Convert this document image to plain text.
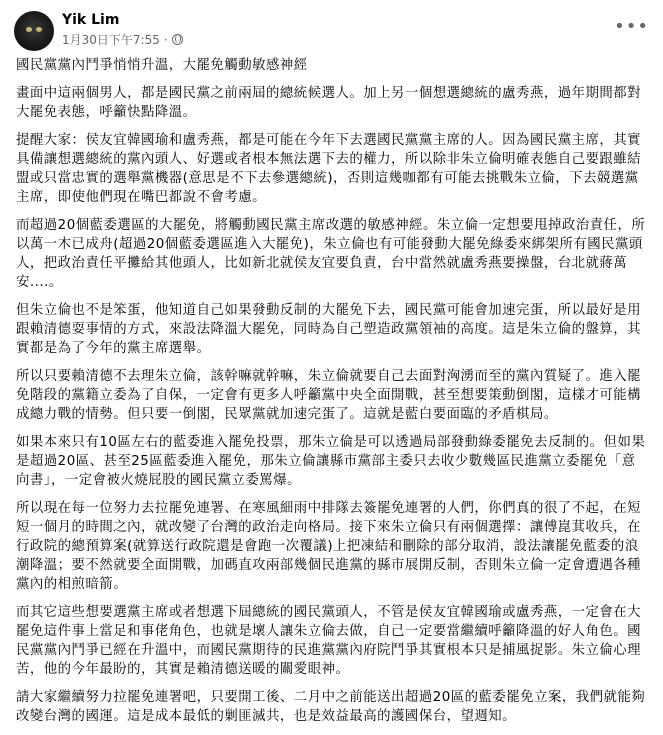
Yik Lim
1月30日下午7:55 ·
•••

國民黨黨內鬥爭悄悄升溫，大罷免觸動敏感神經

畫面中這兩個男人，都是國民黨之前兩屆的總統候選人。加上另一個想選總統的盧秀燕，過年期間都對大罷免表態，呼籲快點降溫。

提醒大家：侯友宜韓國瑜和盧秀燕，都是可能在今年下去選國民黨黨主席的人。因為國民黨主席，其實具備讓想選總統的黨內頭人、好選或者根本無法選下去的權力，所以除非朱立倫明確表態自己要跟雖結盟或只當忠實的選舉黨機器(意思是不下去參選總統)，否則這幾咖都有可能去挑戰朱立倫，下去競選黨主席，即使他們現在嘴巴都說不會考慮。

而超過20個藍委選區的大罷免，將觸動國民黨主席改選的敏感神經。朱立倫一定想要甩掉政治責任，所以萬一木已成舟(超過20個藍委選區進入大罷免)，朱立倫也有可能發動大罷免綠委來綁架所有國民黨頭人，把政治責任平攤給其他頭人，比如新北就侯友宜要負責，台中當然就盧秀燕要操盤，台北就蔣萬安....。

但朱立倫也不是笨蛋，他知道自己如果發動反制的大罷免下去，國民黨可能會加速完蛋，所以最好是用跟賴清德耍事情的方式，來設法降溫大罷免，同時為自己塑造政黨領袖的高度。這是朱立倫的盤算，其實都是為了今年的黨主席選舉。

所以只要賴清德不去理朱立倫，該幹嘛就幹嘛，朱立倫就要自己去面對洶湧而至的黨內質疑了。進入罷免階段的黨籍立委為了自保，一定會有更多人呼籲黨中央全面開戰，甚至想要策動倒閣，這樣才可能構成總力戰的情勢。但只要一倒閣，民眾黨就加速完蛋了。這就是藍白要面臨的矛盾棋局。

如果本來只有10區左右的藍委進入罷免投票，那朱立倫是可以透過局部發動綠委罷免去反制的。但如果是超過20區、甚至25區藍委進入罷免，那朱立倫讓縣市黨部主委只去收少數幾區民進黨立委罷免「意向書」，一定會被火燒屁股的國民黨立委罵爆。

所以現在每一位努力去拉罷免連署、在寒風細雨中排隊去簽罷免連署的人們，你們真的很了不起，在短短一個月的時間之內，就改變了台灣的政治走向格局。接下來朱立倫只有兩個選擇：讓傅崑萁收兵，在行政院的總預算案(就算送行政院還是會跑一次覆議)上把凍結和刪除的部分取消，設法讓罷免藍委的浪潮降溫；要不然就要全面開戰，加碼直攻兩部幾個民進黨的縣市展開反制，否則朱立倫一定會遭遇各種黨內的相煎暗箭。

而其它這些想要選黨主席或者想選下屆總統的國民黨頭人，不管是侯友宜韓國瑜或盧秀燕，一定會在大罷免這件事上當足和事佬角色，也就是壞人讓朱立倫去做，自己一定要當繼續呼籲降溫的好人角色。國民黨黨內鬥爭已經在升溫中，而國民黨期待的民進黨黨內府院鬥爭其實根本只是捕風捉影。朱立倫心理苦，他的今年最盼的，其實是賴清德送暖的關愛眼神。

請大家繼續努力拉罷免連署吧，只要開工後、二月中之前能送出超過20區的藍委罷免立案，我們就能夠改變台灣的國運。這是成本最低的剿匪滅共，也是效益最高的護國保台，望週知。
